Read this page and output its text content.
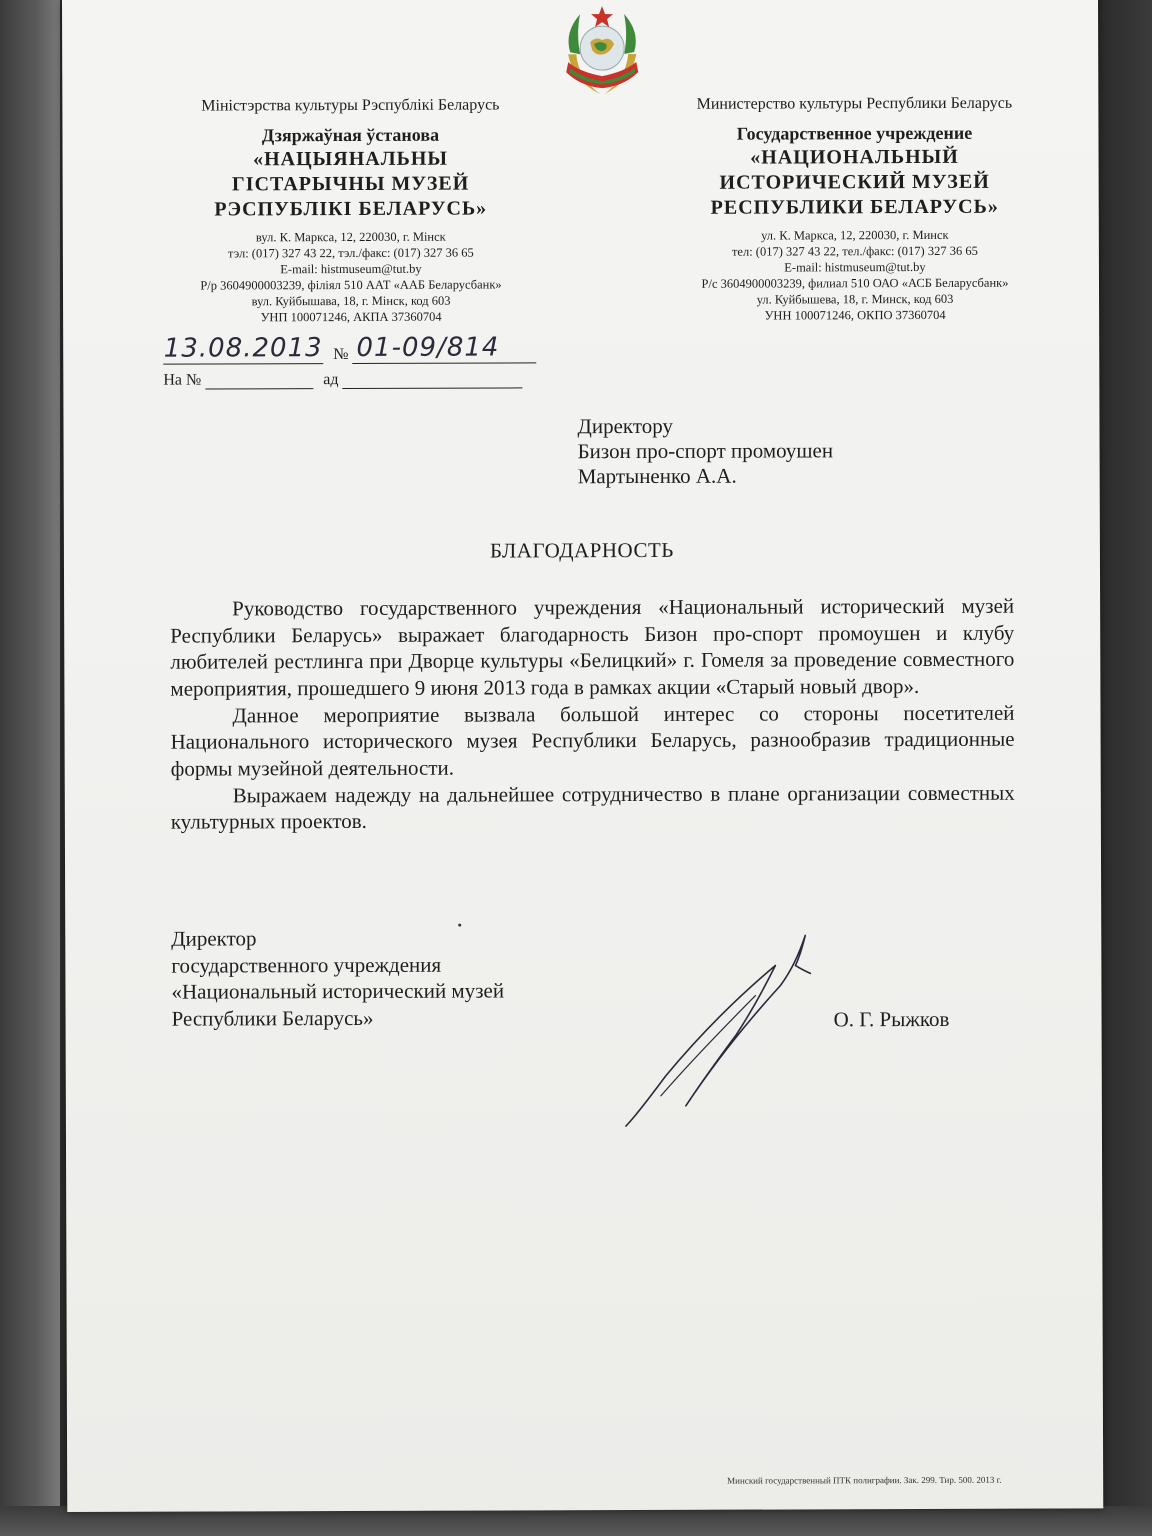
Міністэрства культуры Рэспублікі Беларусь
Дзяржаўная ўстанова
«НАЦЫЯНАЛЬНЫ
ГІСТАРЫЧНЫ МУЗЕЙ
РЭСПУБЛІКІ БЕЛАРУСЬ»
вул. К. Маркса, 12, 220030, г. Мінск
тэл: (017) 327 43 22, тэл./факс: (017) 327 36 65
E-mail: histmuseum@tut.by
Р/р 3604900003239, філіял 510 ААТ «ААБ Беларусбанк»
вул. Куйбышава, 18, г. Мінск, код 603
УНП 100071246, АКПА 37360704
Министерство культуры Республики Беларусь
Государственное учреждение
«НАЦИОНАЛЬНЫЙ
ИСТОРИЧЕСКИЙ МУЗЕЙ
РЕСПУБЛИКИ БЕЛАРУСЬ»
ул. К. Маркса, 12, 220030, г. Минск
тел: (017) 327 43 22, тел./факс: (017) 327 36 65
E-mail: histmuseum@tut.by
Р/с 3604900003239, филиал 510 ОАО «АСБ Беларусбанк»
ул. Куйбышева, 18, г. Минск, код 603
УНН 100071246, ОКПО 37360704
13.08.2013 № 01-09/814
На №	ад
Директору
Бизон про-спорт промоушен
Мартыненко А.А.
БЛАГОДАРНОСТЬ

Руководство государственного учреждения «Национальный исторический музей Республики Беларусь» выражает благодарность Бизон про-спорт промоушен и клубу любителей рестлинга при Дворце культуры «Белицкий» г. Гомеля за проведение совместного мероприятия, прошедшего 9 июня 2013 года в рамках акции «Старый новый двор».

Данное мероприятие вызвала большой интерес со стороны посетителей Национального исторического музея Республики Беларусь, разнообразив традиционные формы музейной деятельности.

Выражаем надежду на дальнейшее сотрудничество в плане организации совместных культурных проектов.

Директор
государственного учреждения
«Национальный исторический музей
Республики Беларусь»	О. Г. Рыжков
Минский государственный ПТК полиграфии. Зак. 299. Тир. 500. 2013 г.
